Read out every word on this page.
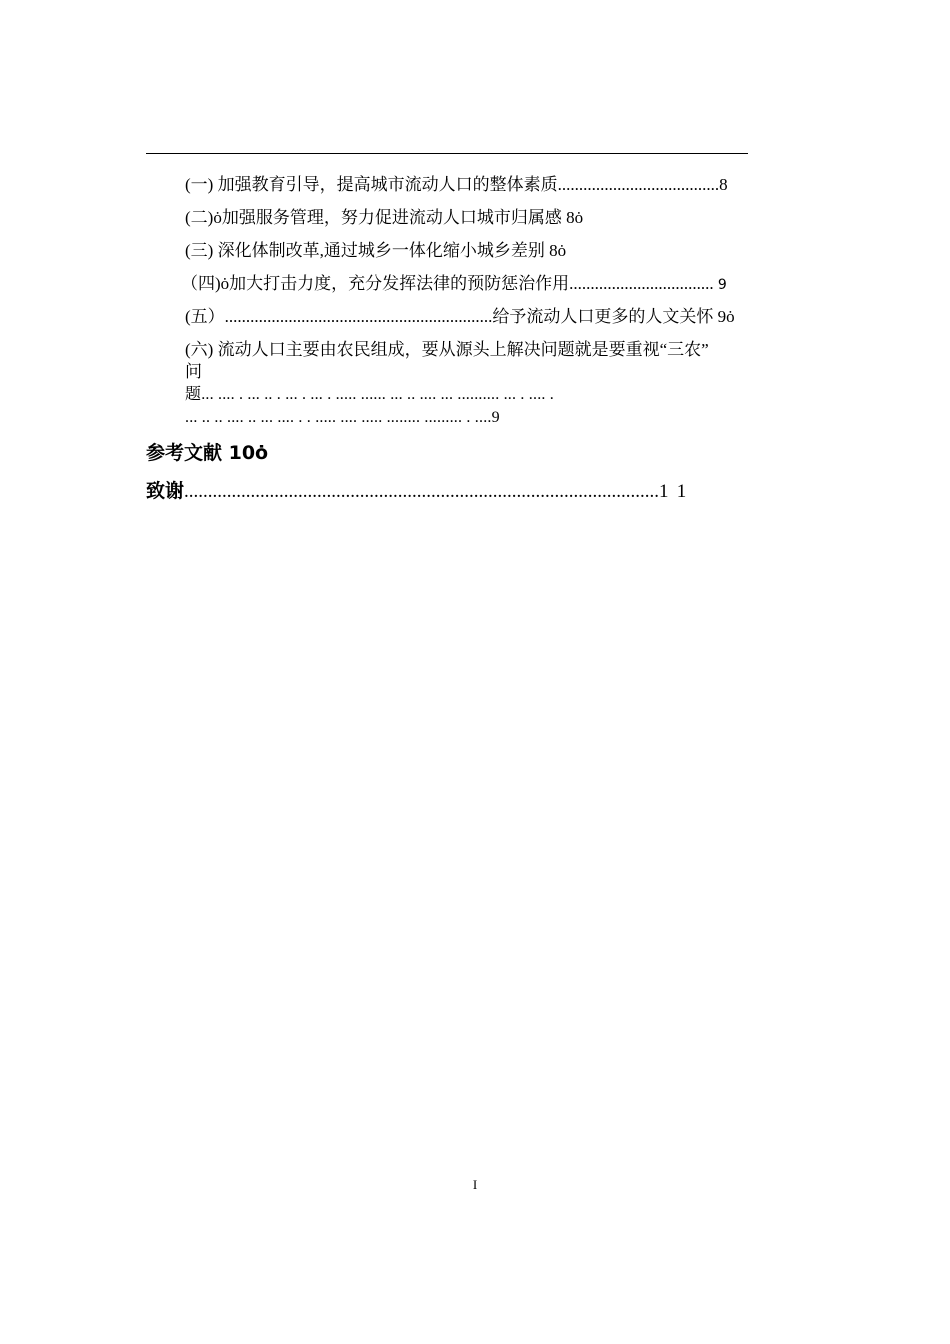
(一) 加强教育引导，提高城市流动人口的整体素质......................................8
(二)ȯ加强服务管理，努力促进流动人口城市归属感 8ȯ
(三) 深化体制改革,通过城乡一体化缩小城乡差别 8ȯ
（四)ȯ加大打击力度，充分发挥法律的预防惩治作用.................................. 9
(五）...............................................................给予流动人口更多的人文关怀 9ȯ
(六) 流动人口主要由农民组成，要从源头上解决问题就是要重视“三农”
问
题... .... . ... .. . ... . ... . ..... ...... ... .. .... ... .......... ... . .... .
... .. .. .... .. ... .... . . ..... .... ..... ........ ......... . ....9
参考文献 10ȯ
致谢....................................................................................................11
I
